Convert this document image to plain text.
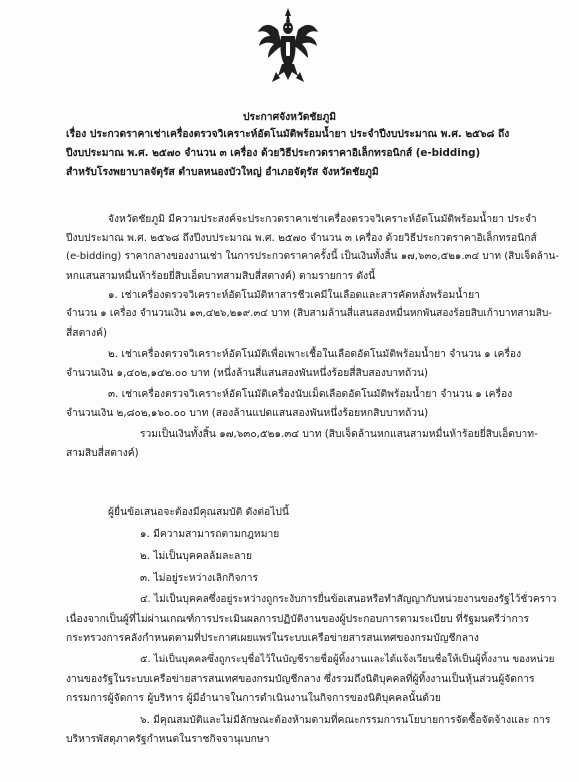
ประกาศจังหวัดชัยภูมิ
เรื่อง ประกวดราคาเช่าเครื่องตรวจวิเคราะห์อัตโนมัติพร้อมน้ำยา ประจำปีงบประมาณ พ.ศ. ๒๕๖๘ ถึง
ปีงบประมาณ พ.ศ. ๒๕๗๐ จำนวน ๓ เครื่อง ด้วยวิธีประกวดราคาอิเล็กทรอนิกส์ (e-bidding)
สำหรับโรงพยาบาลจัตุรัส ตำบลหนองบัวใหญ่ อำเภอจัตุรัส จังหวัดชัยภูมิ
จังหวัดชัยภูมิ มีความประสงค์จะประกวดราคาเช่าเครื่องตรวจวิเคราะห์อัตโนมัติพร้อมน้ำยา ประจำ
ปีงบประมาณ พ.ศ. ๒๕๖๘ ถึงปีงบประมาณ พ.ศ. ๒๕๗๐ จำนวน ๓ เครื่อง ด้วยวิธีประกวดราคาอิเล็กทรอนิกส์
(e-bidding) ราคากลางของงานเช่า ในการประกวดราคาครั้งนี้ เป็นเงินทั้งสิ้น ๑๗,๖๓๐,๕๒๑.๓๔ บาท (สิบเจ็ดล้าน-
หกแสนสามหมื่นห้าร้อยยี่สิบเอ็ดบาทสามสิบสี่สตางค์) ตามรายการ ดังนี้
๑. เช่าเครื่องตรวจวิเคราะห์อัตโนมัติหาสารชีวเคมีในเลือดและสารคัดหลั่งพร้อมน้ำยา
จำนวน ๑ เครื่อง จำนวนเงิน ๑๓,๔๒๖,๒๑๙.๓๔ บาท (สิบสามล้านสี่แสนสองหมื่นหกพันสองร้อยสิบเก้าบาทสามสิบ-
สี่สตางค์)
๒. เช่าเครื่องตรวจวิเคราะห์อัตโนมัติเพื่อเพาะเชื้อในเลือดอัตโนมัติพร้อมน้ำยา จำนวน ๑ เครื่อง
จำนวนเงิน ๑,๔๐๒,๑๔๒.๐๐ บาท (หนึ่งล้านสี่แสนสองพันหนึ่งร้อยสี่สิบสองบาทถ้วน)
๓. เช่าเครื่องตรวจวิเคราะห์อัตโนมัติเครื่องนับเม็ดเลือดอัตโนมัติพร้อมน้ำยา จำนวน ๑ เครื่อง
จำนวนเงิน ๒,๘๐๒,๑๖๐.๐๐ บาท (สองล้านแปดแสนสองพันหนึ่งร้อยหกสิบบาทถ้วน)
รวมเป็นเงินทั้งสิ้น ๑๗,๖๓๐,๕๒๑.๓๔ บาท (สิบเจ็ดล้านหกแสนสามหมื่นห้าร้อยยี่สิบเอ็ดบาท-
สามสิบสี่สตางค์)
ผู้ยื่นข้อเสนอจะต้องมีคุณสมบัติ ดังต่อไปนี้
๑. มีความสามารถตามกฎหมาย
๒. ไม่เป็นบุคคลล้มละลาย
๓. ไม่อยู่ระหว่างเลิกกิจการ
๔. ไม่เป็นบุคคลซึ่งอยู่ระหว่างถูกระงับการยื่นข้อเสนอหรือทำสัญญากับหน่วยงานของรัฐไว้ชั่วคราว
เนื่องจากเป็นผู้ที่ไม่ผ่านเกณฑ์การประเมินผลการปฏิบัติงานของผู้ประกอบการตามระเบียบ ที่รัฐมนตรีว่าการ
กระทรวงการคลังกำหนดตามที่ประกาศเผยแพร่ในระบบเครือข่ายสารสนเทศของกรมบัญชีกลาง
๕. ไม่เป็นบุคคลซึ่งถูกระบุชื่อไว้ในบัญชีรายชื่อผู้ทิ้งงานและได้แจ้งเวียนชื่อให้เป็นผู้ทิ้งงาน ของหน่วย
งานของรัฐในระบบเครือข่ายสารสนเทศของกรมบัญชีกลาง ซึ่งรวมถึงนิติบุคคลที่ผู้ทิ้งงานเป็นหุ้นส่วนผู้จัดการ
กรรมการผู้จัดการ ผู้บริหาร ผู้มีอำนาจในการดำเนินงานในกิจการของนิติบุคคลนั้นด้วย
๖. มีคุณสมบัติและไม่มีลักษณะต้องห้ามตามที่คณะกรรมการนโยบายการจัดซื้อจัดจ้างและ การ
บริหารพัสดุภาครัฐกำหนดในราชกิจจานุเบกษา
